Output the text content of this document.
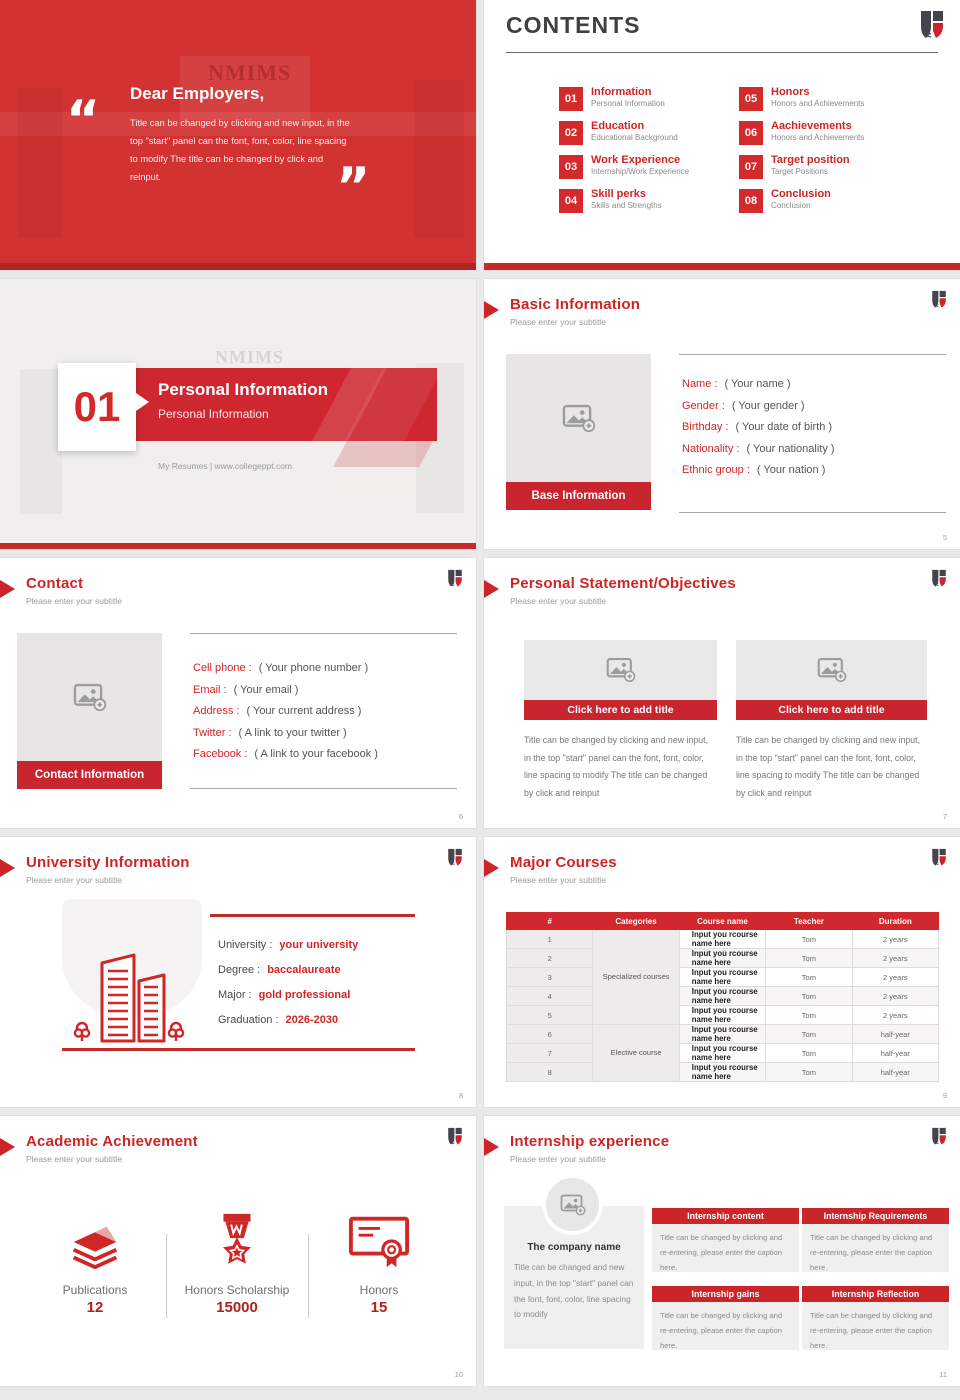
NMIMS
“
”
Dear Employers,
Title can be changed by clicking and new input, in the top "start" panel can the font, font, color, line spacing to modify The title can be changed by click and reinput.
CONTENTS
01
Information
Personal Information
02
Education
Educational Background
03
Work Experience
Internship/Work Experience
04
Skill perks
Skills and Strengths
05
Honors
Honors and Achievements
06
Aachievements
Honors and Achievements
07
Target position
Target Positions
08
Conclusion
Conclusion
NMIMS
01 Personal Information
Personal Information
My Resumes | www.collegeppt.com
Basic Information
Please enter your subtitle
Base Information
Name : ( Your name )
Gender : ( Your gender )
Birthday : ( Your date of birth )
Nationality : ( Your nationality )
Ethnic group : ( Your nation )
5
Contact
Please enter your subtitle
Contact Information
Cell phone : ( Your phone number )
Email : ( Your email )
Address : ( Your current address )
Twitter : ( A link to your twitter )
Facebook : ( A link to your facebook )
6
Personal Statement/Objectives
Please enter your subtitle
Click here to add title
Title can be changed by clicking and new input, in the top "start" panel can the font, font, color, line spacing to modify The title can be changed by click and reinput
Click here to add title
Title can be changed by clicking and new input, in the top "start" panel can the font, font, color, line spacing to modify The title can be changed by click and reinput
7
University Information
Please enter your subtitle
University : your university
Degree : baccalaureate
Major : gold professional
Graduation : 2026-2030
8
Major Courses
Please enter your subtitle
#	Categories	Course name	Teacher	Duration
1	Specialized courses	Input you rcourse name here	Tom	2 years
2		Input you rcourse name here	Tom	2 years
3		Input you rcourse name here	Tom	2 years
4		Input you rcourse name here	Tom	2 years
5		Input you rcourse name here	Tom	2 years
6	Elective course	Input you rcourse name here	Tom	half-year
7		Input you rcourse name here	Tom	half-year
8		Input you rcourse name here	Tom	half-year
9
Academic Achievement
Please enter your subtitle
Publications
12
Honors Scholarship
15000
Honors
15
10
Internship experience
Please enter your subtitle
The company name
Title can be changed and new input, in the top "start" panel can the font, font, color, line spacing to modify
Internship content
Title can be changed by clicking and re-entering, please enter the caption here.
Internship Requirements
Title can be changed by clicking and re-entering, please enter the caption here.
Internship gains
Title can be changed by clicking and re-entering, please enter the caption here.
Internship Reflection
Title can be changed by clicking and re-entering, please enter the caption here.
11
